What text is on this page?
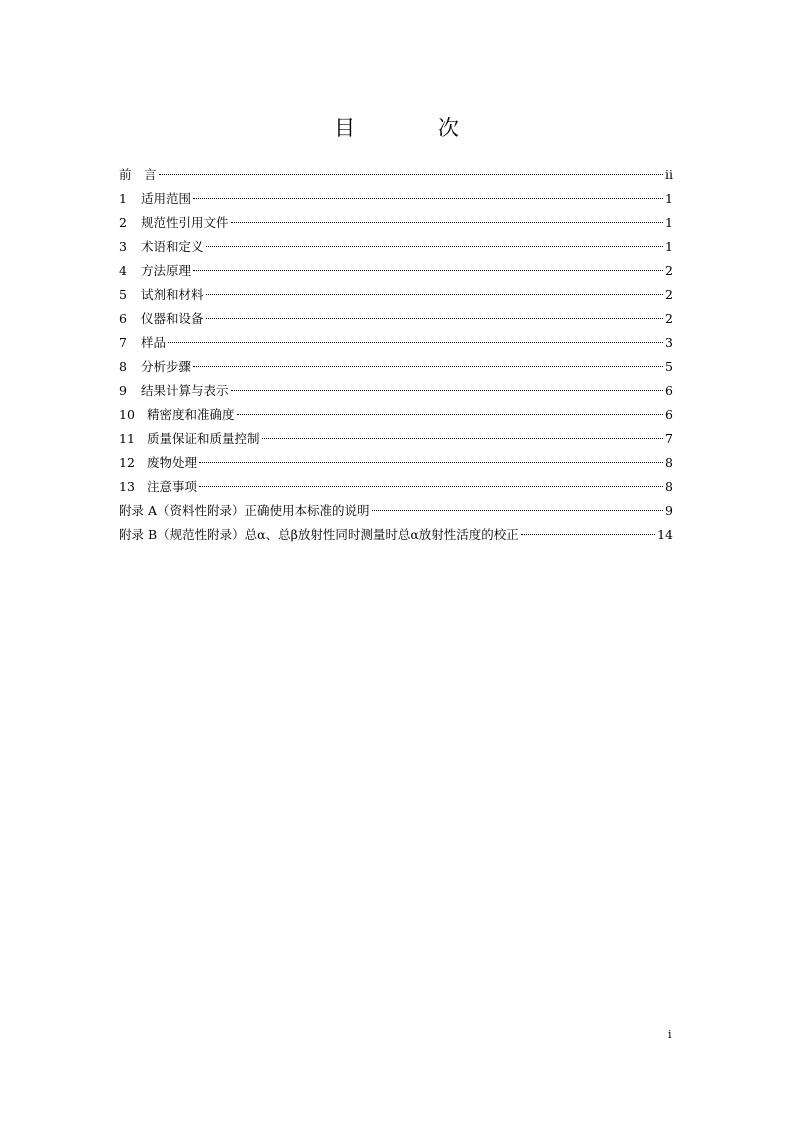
目 次
前　言	ii
1	适用范围	1
2	规范性引用文件	1
3	术语和定义	1
4	方法原理	2
5	试剂和材料	2
6	仪器和设备	2
7	样品	3
8	分析步骤	5
9	结果计算与表示	6
10 精密度和准确度	6
11 质量保证和质量控制	7
12 废物处理	8
13 注意事项	8
附录 A（资料性附录）正确使用本标准的说明	9
附录 B（规范性附录）总α、总β放射性同时测量时总α放射性活度的校正	14
i
